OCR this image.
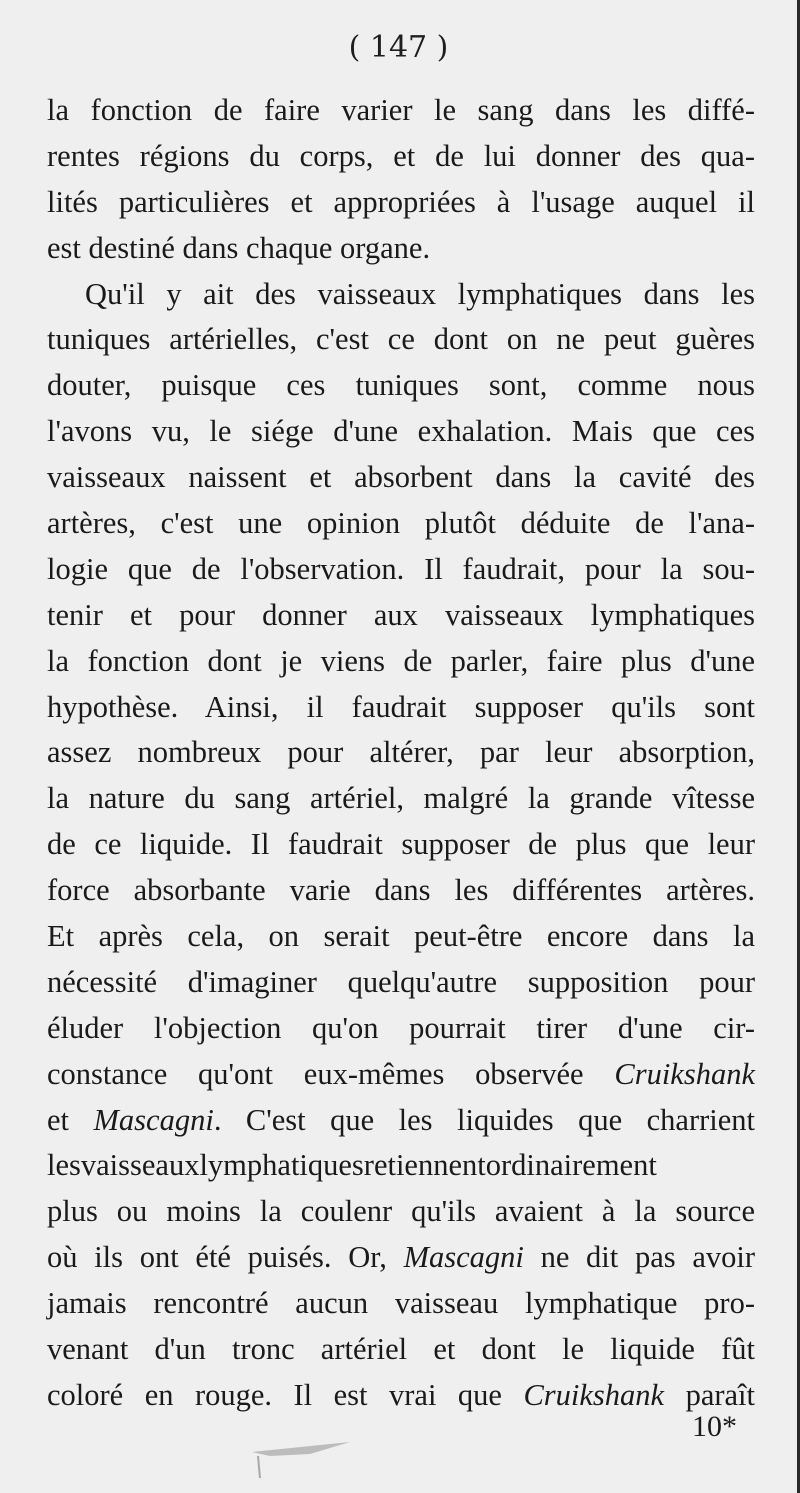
( 147 )
la fonction de faire varier le sang dans les diffé-
rentes régions du corps, et de lui donner des qua-
lités particulières et appropriées à l'usage auquel il
est destiné dans chaque organe.
Qu'il y ait des vaisseaux lymphatiques dans les
tuniques artérielles, c'est ce dont on ne peut guères
douter, puisque ces tuniques sont, comme nous
l'avons vu, le siége d'une exhalation. Mais que ces
vaisseaux naissent et absorbent dans la cavité des
artères, c'est une opinion plutôt déduite de l'ana-
logie que de l'observation. Il faudrait, pour la sou-
tenir et pour donner aux vaisseaux lymphatiques
la fonction dont je viens de parler, faire plus d'une
hypothèse. Ainsi, il faudrait supposer qu'ils sont
assez nombreux pour altérer, par leur absorption,
la nature du sang artériel, malgré la grande vîtesse
de ce liquide. Il faudrait supposer de plus que leur
force absorbante varie dans les différentes artères.
Et après cela, on serait peut-être encore dans la
nécessité d'imaginer quelqu'autre supposition pour
éluder l'objection qu'on pourrait tirer d'une cir-
constance qu'ont eux-mêmes observée Cruikshank
et Mascagni. C'est que les liquides que charrient
lesvaisseauxlymphatiquesretiennentordinairement
plus ou moins la coulenr qu'ils avaient à la source
où ils ont été puisés. Or, Mascagni ne dit pas avoir
jamais rencontré aucun vaisseau lymphatique pro-
venant d'un tronc artériel et dont le liquide fût
coloré en rouge. Il est vrai que Cruikshank paraît
10*
